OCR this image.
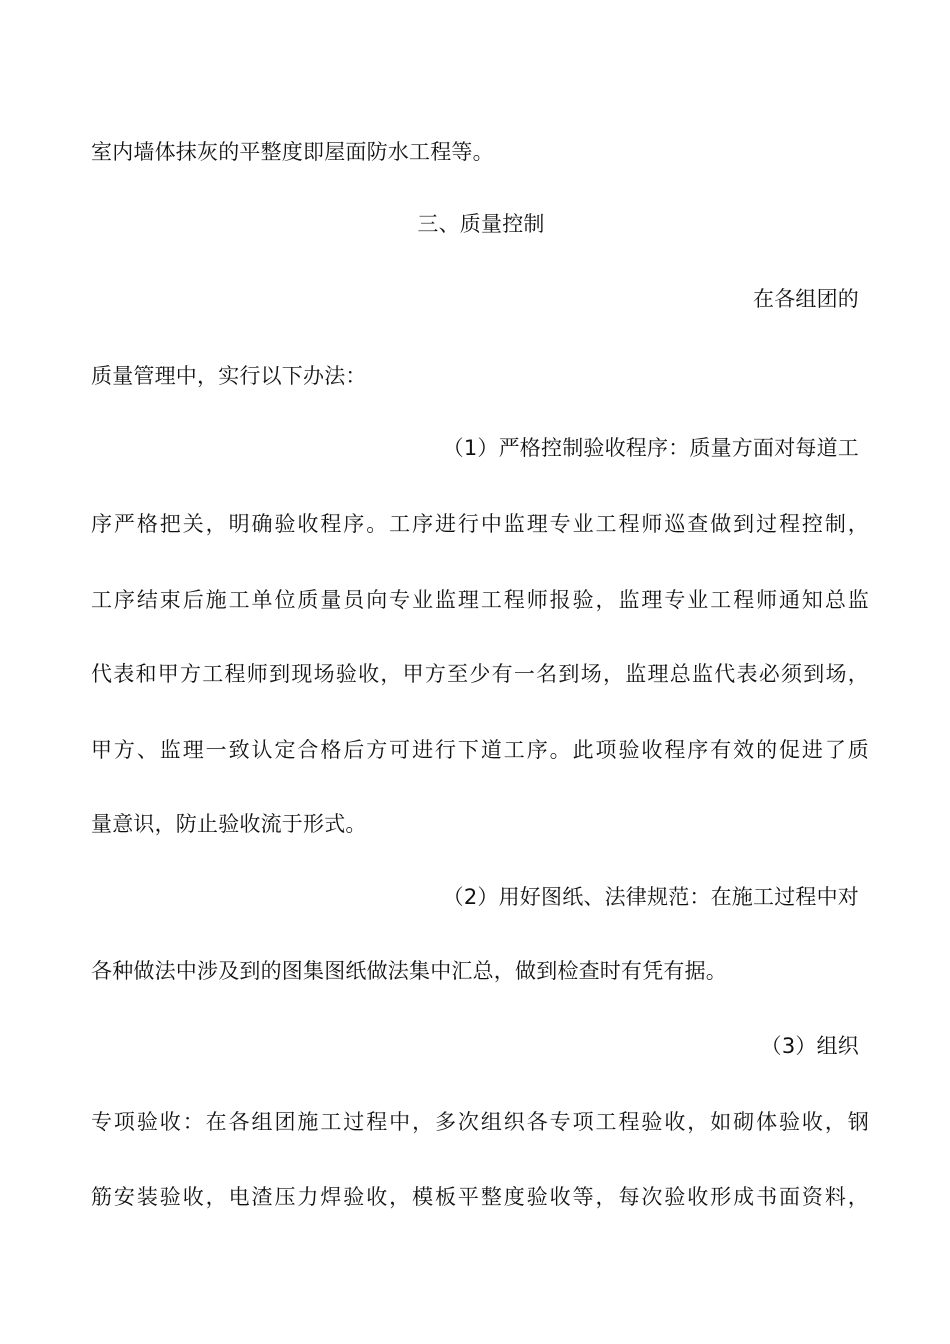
室内墙体抹灰的平整度即屋面防水工程等。
三、质量控制
在各组团的
质量管理中，实行以下办法：
（1）严格控制验收程序：质量方面对每道工
序严格把关，明确验收程序。工序进行中监理专业工程师巡查做到过程控制，
工序结束后施工单位质量员向专业监理工程师报验，监理专业工程师通知总监
代表和甲方工程师到现场验收，甲方至少有一名到场，监理总监代表必须到场，
甲方、监理一致认定合格后方可进行下道工序。此项验收程序有效的促进了质
量意识，防止验收流于形式。
（2）用好图纸、法律规范：在施工过程中对
各种做法中涉及到的图集图纸做法集中汇总，做到检查时有凭有据。
（3）组织
专项验收：在各组团施工过程中，多次组织各专项工程验收，如砌体验收，钢
筋安装验收，电渣压力焊验收，模板平整度验收等，每次验收形成书面资料，
